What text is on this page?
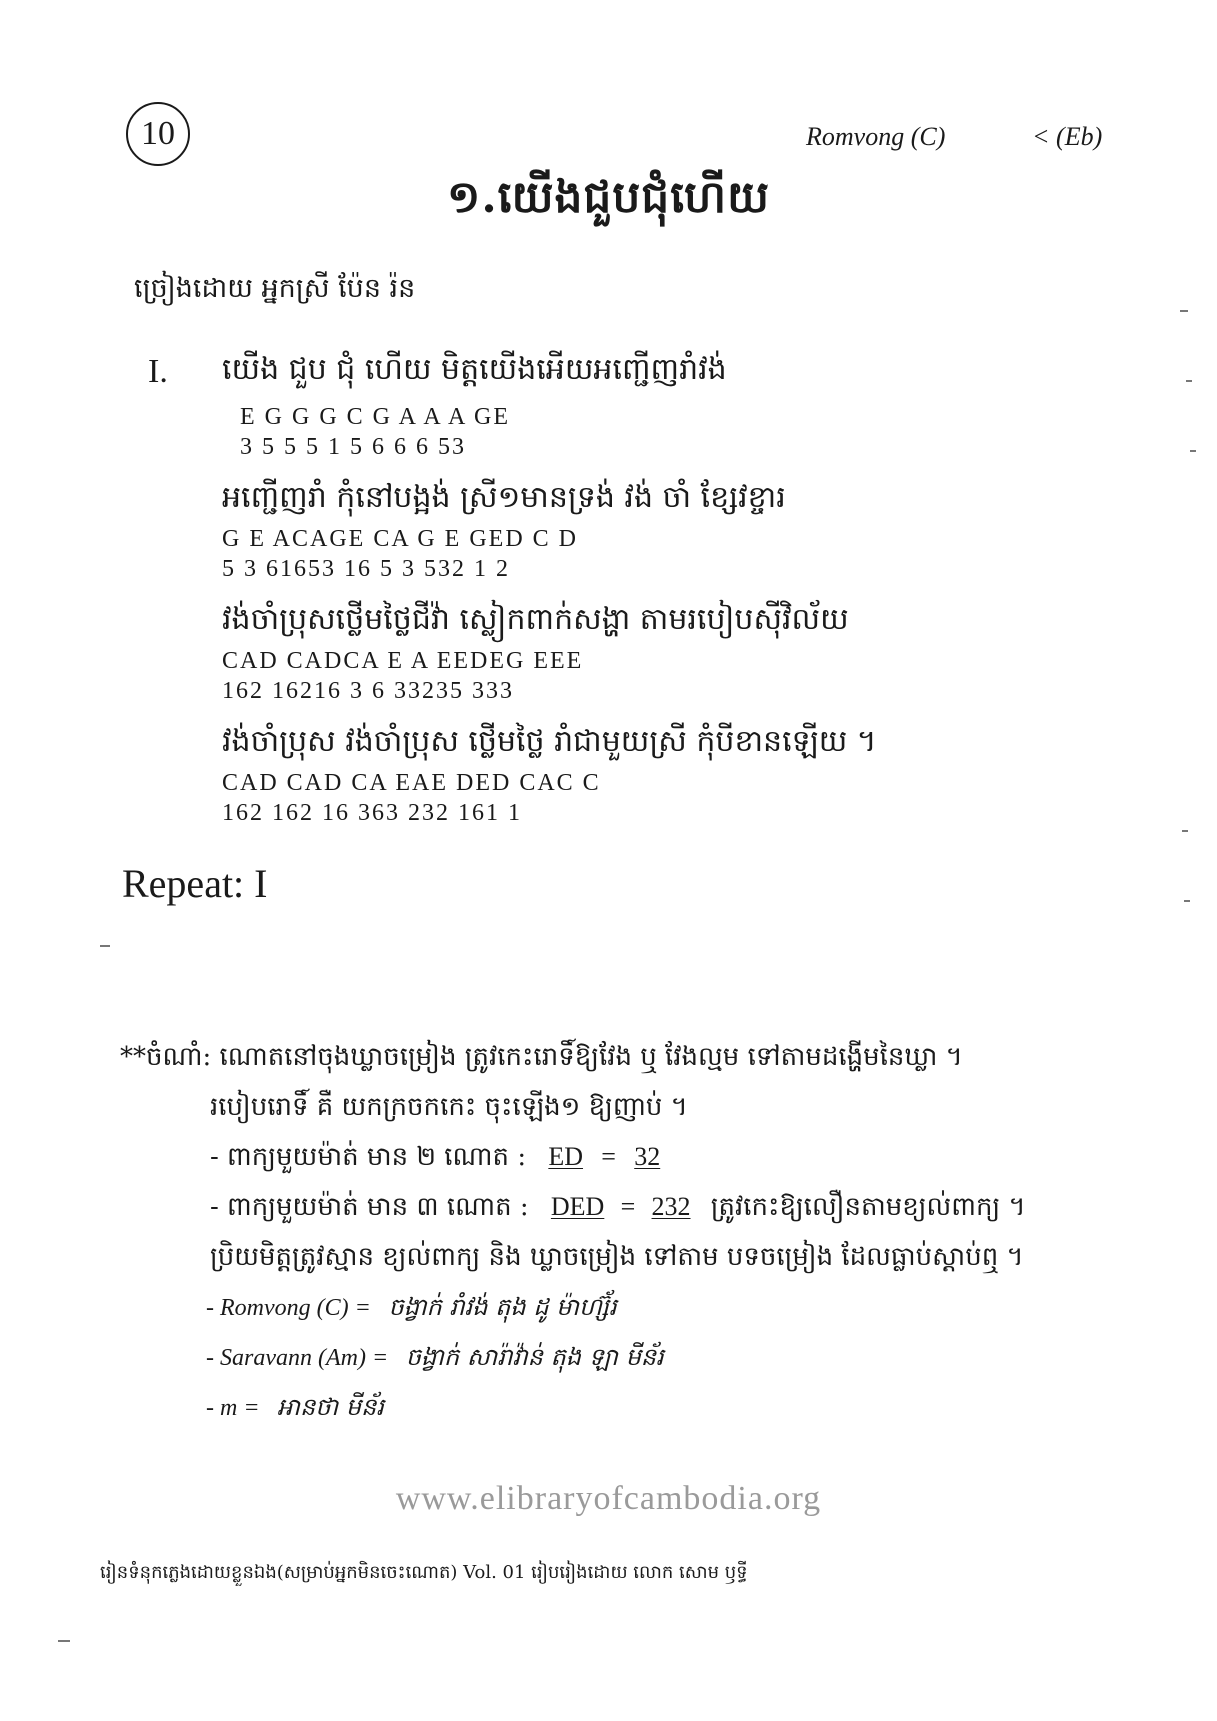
10	Romvong (C)	< (Eb)
១.យើងជួបជុំហើយ
ច្រៀងដោយ អ្នកស្រី ប៉ែន រ៉ន
I. យើង ជួប ជុំ ហើយ មិត្តយើងអើយអញ្ជើញរាំវង់
E G G G C G A A A GE
3 5 5 5 1 5 6 6 6 53
អញ្ជើញរាំ កុំនៅបង្អង់ ស្រី១មានទ្រង់ វង់ ចាំ ខ្សែវខ្ចារ
G E ACAGE CA G E GED C D
5 3 61653 16 5 3 532 1 2
វង់ចាំប្រុសថ្លើមថ្លៃជីវ៉ា ស្លៀកពាក់សង្ហា តាមរបៀបស៊ីវិល័យ
CAD CADCA E A EEDEG EEE
162 16216 3 6 33235 333
វង់ចាំប្រុស វង់ចាំប្រុស ថ្លើមថ្លៃ រាំជាមួយស្រី កុំបីខានឡើយ ។
CAD CAD CA EAE DED CAC C
162 162 16 363 232 161 1
Repeat: I
**ចំណាំ: ណោតនៅចុងឃ្លាចម្រៀង ត្រូវកេះរោទិ៍ឱ្យវែង ឬ វែងល្មម ទៅតាមដង្ហើមនៃឃ្លា ។
របៀបរោទិ៍ គឺ យកក្រចកកេះ ចុះឡើង១ ឱ្យញាប់ ។
- ពាក្យមួយម៉ាត់ មាន ២ ណោត : ED = 32
- ពាក្យមួយម៉ាត់ មាន ៣ ណោត : DED = 232 ត្រូវកេះឱ្យលឿនតាមខ្យល់ពាក្យ ។
ប្រិយមិត្តត្រូវស្មាន ខ្យល់ពាក្យ និង ឃ្លាចម្រៀង ទៅតាម បទចម្រៀង ដែលធ្លាប់ស្តាប់ឮ ។
- Romvong (C) = ចង្វាក់ រាំវង់ តុង ដូ ម៉ាហ្ស៊័រ
- Saravann (Am) = ចង្វាក់ សារ៉ាវ៉ាន់ តុង ឡា មីន័រ
- m = អានថា មីន័រ
www.elibraryofcambodia.org
រៀនទំនុកភ្លេងដោយខ្លួនឯង(សម្រាប់អ្នកមិនចេះណោត) Vol. 01 រៀបរៀងដោយ លោក សោម ឫទ្ធី
